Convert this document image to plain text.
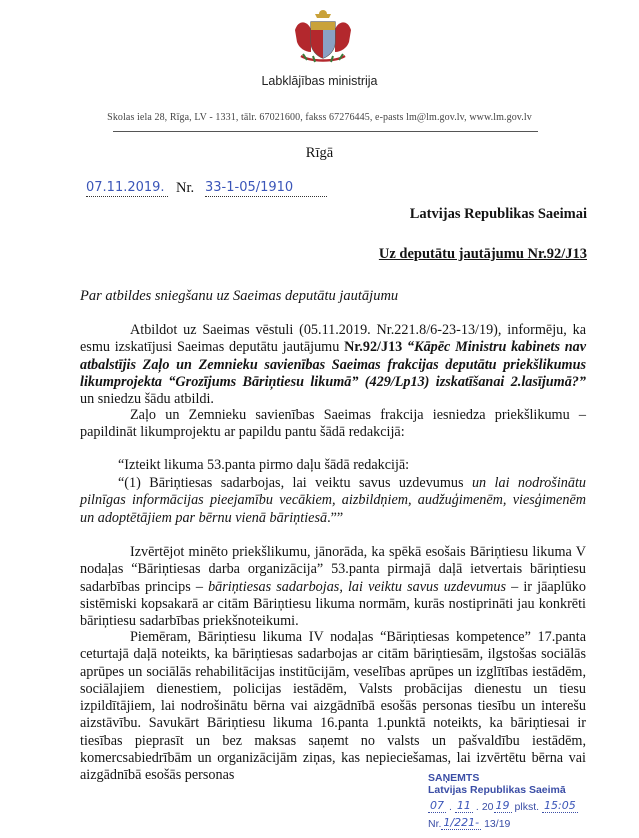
Labklājības ministrija
Skolas iela 28, Rīga, LV - 1331, tālr. 67021600, fakss 67276445, e-pasts lm@lm.gov.lv, www.lm.gov.lv
Rīgā
07.11.2019. Nr. 33-1-05/1910
Latvijas Republikas Saeimai
Uz deputātu jautājumu Nr.92/J13
Par atbildes sniegšanu uz Saeimas deputātu jautājumu

Atbildot uz Saeimas vēstuli (05.11.2019. Nr.221.8/6-23-13/19), informēju, ka esmu izskatījusi Saeimas deputātu jautājumu Nr.92/J13 “Kāpēc Ministru kabinets nav atbalstījis Zaļo un Zemnieku savienības Saeimas frakcijas deputātu priekšlikumus likumprojekta “Grozījums Bāriņtiesu likumā” (429/Lp13) izskatīšanai 2.lasījumā?” un sniedzu šādu atbildi.

Zaļo un Zemnieku savienības Saeimas frakcija iesniedza priekšlikumu – papildināt likumprojektu ar papildu pantu šādā redakcijā:

“Izteikt likuma 53.panta pirmo daļu šādā redakcijā:

“(1) Bāriņtiesas sadarbojas, lai veiktu savus uzdevumus un lai nodrošinātu pilnīgas informācijas pieejamību vecākiem, aizbildņiem, audžuģimenēm, viesģimenēm un adoptētājiem par bērnu vienā bāriņtiesā.””

Izvērtējot minēto priekšlikumu, jānorāda, ka spēkā esošais Bāriņtiesu likuma V nodaļas “Bāriņtiesas darba organizācija” 53.panta pirmajā daļā ietvertais bāriņtiesu sadarbības princips – bāriņtiesas sadarbojas, lai veiktu savus uzdevumus – ir jāaplūko sistēmiski kopsakarā ar citām Bāriņtiesu likuma normām, kurās nostiprināti jau konkrēti bāriņtiesu sadarbības priekšnoteikumi.

Piemēram, Bāriņtiesu likuma IV nodaļas “Bāriņtiesas kompetence” 17.panta ceturtajā daļā noteikts, ka bāriņtiesas sadarbojas ar citām bāriņtiesām, ilgstošas sociālās aprūpes un sociālās rehabilitācijas institūcijām, veselības aprūpes un izglītības iestādēm, sociālajiem dienestiem, policijas iestādēm, Valsts probācijas dienestu un tiesu izpildītājiem, lai nodrošinātu bērna vai aizgādnībā esošās personas tiesību un interešu aizstāvību. Savukārt Bāriņtiesu likuma 16.panta 1.punktā noteikts, ka bāriņtiesai ir tiesības pieprasīt un bez maksas saņemt no valsts un pašvaldību iestādēm, komercsabiedrībām un organizācijām ziņas, kas nepieciešamas, lai izvērtētu bērna vai aizgādnībā esošās personas	SAŅEMTS
Latvijas Republikas Saeimā
07 . 11 . 20 19 plkst. 15:05
Nr. 1/221- 13/19
